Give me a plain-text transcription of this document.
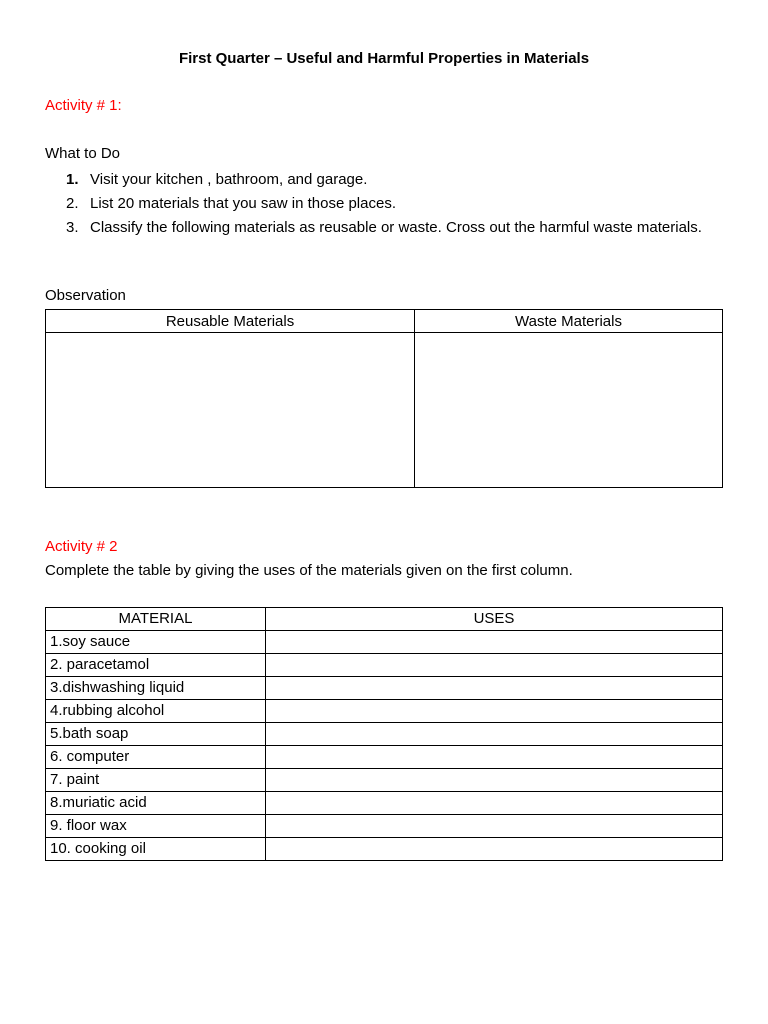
First Quarter – Useful and Harmful Properties in Materials
Activity # 1:
What to Do
1. Visit your kitchen , bathroom, and garage.
2. List 20 materials that you saw in those places.
3. Classify the following materials as reusable or waste. Cross out the harmful waste materials.
Observation
Reusable Materials	Waste Materials

Activity # 2
Complete the table by giving the uses of the materials given on the first column.
MATERIAL	USES
1.soy sauce	
2. paracetamol	
3.dishwashing liquid	
4.rubbing alcohol	
5.bath soap	
6. computer	
7. paint	
8.muriatic acid	
9. floor wax	
10. cooking oil	
